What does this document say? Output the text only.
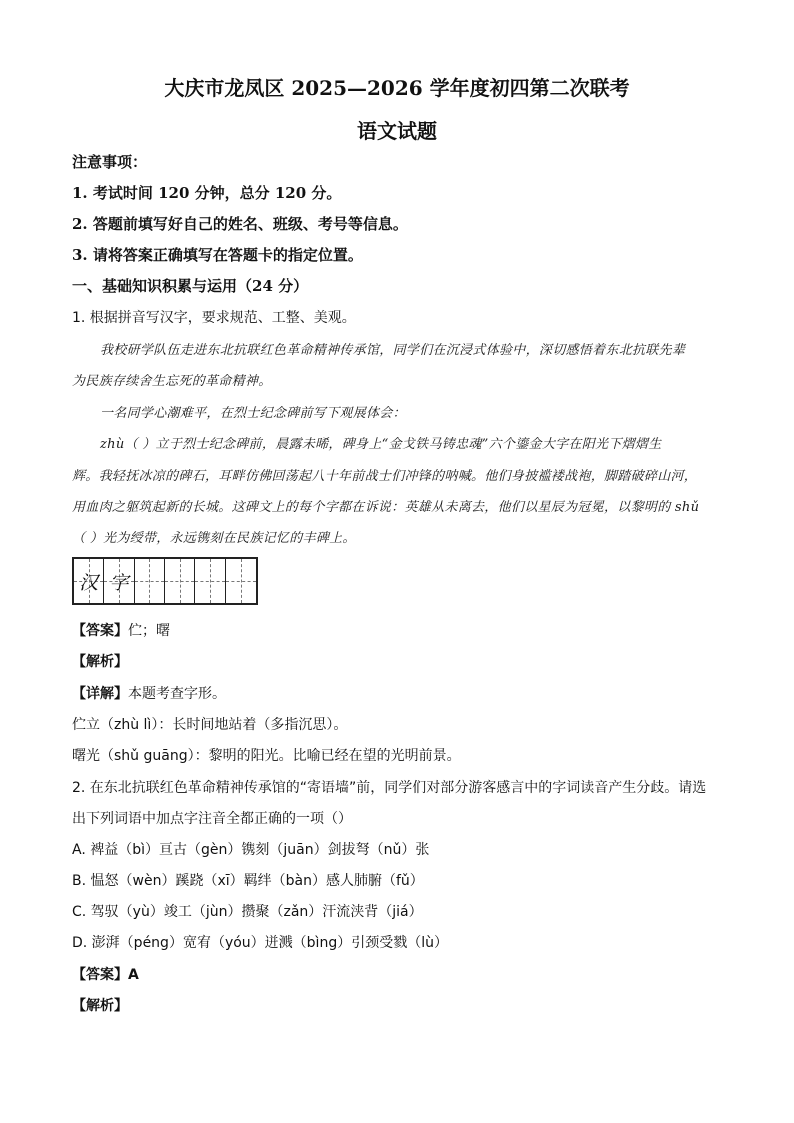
大庆市龙凤区 2025—2026 学年度初四第二次联考
语文试题
注意事项：
1. 考试时间 120 分钟，总分 120 分。
2. 答题前填写好自己的姓名、班级、考号等信息。
3. 请将答案正确填写在答题卡的指定位置。
一、基础知识积累与运用（24 分）
1. 根据拼音写汉字，要求规范、工整、美观。
我校研学队伍走进东北抗联红色革命精神传承馆，同学们在沉浸式体验中，深切感悟着东北抗联先辈
为民族存续舍生忘死的革命精神。
一名同学心潮难平，在烈士纪念碑前写下观展体会：
zhù（ ）立于烈士纪念碑前，晨露未晞，碑身上“金戈铁马铸忠魂”六个鎏金大字在阳光下熠熠生
辉。我轻抚冰凉的碑石，耳畔仿佛回荡起八十年前战士们冲锋的呐喊。他们身披褴褛战袍，脚踏破碎山河，
用血肉之躯筑起新的长城。这碑文上的每个字都在诉说：英雄从未离去，他们以星辰为冠冕，以黎明的 shǔ
（ ）光为绶带，永远镌刻在民族记忆的丰碑上。
汉 字
【答案】伫；曙
【解析】
【详解】本题考查字形。
伫立（zhù lì）：长时间地站着（多指沉思）。
曙光（shǔ guāng）：黎明的阳光。比喻已经在望的光明前景。
2. 在东北抗联红色革命精神传承馆的“寄语墙”前，同学们对部分游客感言中的字词读音产生分歧。请选
出下列词语中加点字注音全都正确的一项（）
A. 裨益（bì）亘古（gèn）镌刻（juān）剑拔弩（nǔ）张
B. 愠怒（wèn）蹊跷（xī）羁绊（bàn）感人肺腑（fǔ）
C. 驾驭（yù）竣工（jùn）攒聚（zǎn）汗流浃背（jiá）
D. 澎湃（péng）宽宥（yóu）迸溅（bìng）引颈受戮（lù）
【答案】A
【解析】
